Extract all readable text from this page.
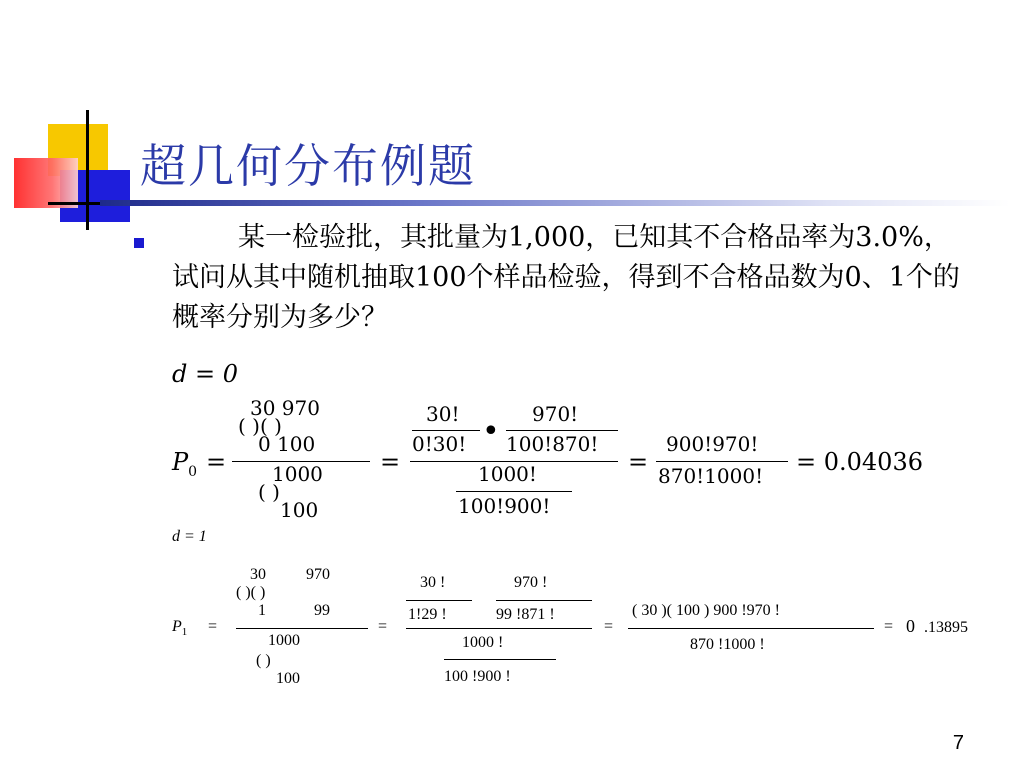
超几何分布例题
某一检验批，其批量为1,000，已知其不合格品率为3.0%，试问从其中随机抽取100个样品检验，得到不合格品数为0、1个的概率分别为多少？
d = 0
$P_0$ =
30 970
( )( )
0 100
1000
( )
100
=
30!
0!30! • 970!
100!870!
1000!
100!900!
=
900!970!
870!1000! = 0.04036
d = 1
$P_1$ =
30	970
( )( )
1	99
1000
( )
100
=
30 !
1!29 !
970 !
99 !871 !
1000 !
100 !900 !
=
( 30 )( 100 ) 900 !970 !
870 !1000 !
= 0 .13895
7
